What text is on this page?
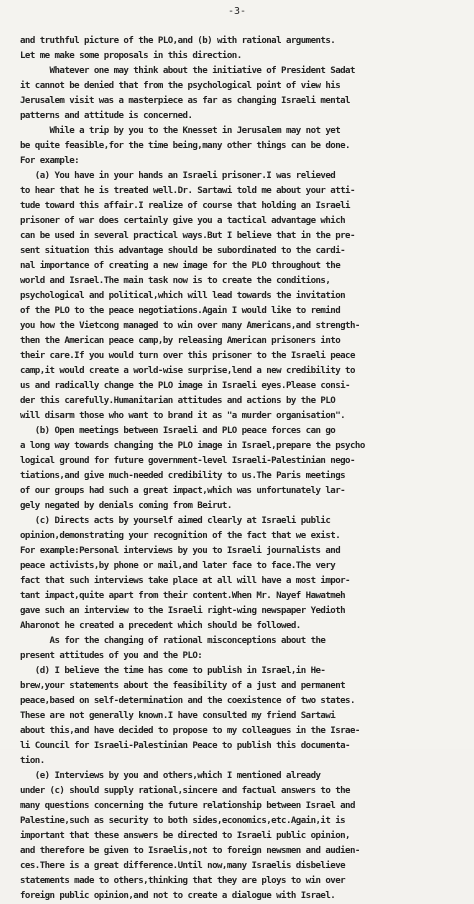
-3-
and truthful picture of the PLO,and (b) with rational arguments.
Let me make some proposals in this direction.
Whatever one may think about the initiative of President Sadat
it cannot be denied that from the psychological point of view his
Jerusalem visit was a masterpiece as far as changing Israeli mental
patterns and attitude is concerned.
While a trip by you to the Knesset in Jerusalem may not yet
be quite feasible,for the time being,many other things can be done.
For example:
(a) You have in your hands an Israeli prisoner.I was relieved
to hear that he is treated well.Dr. Sartawi told me about your atti-
tude toward this affair.I realize of course that holding an Israeli
prisoner of war does certainly give you a tactical advantage which
can be used in several practical ways.But I believe that in the pre-
sent situation this advantage should be subordinated to the cardi-
nal importance of creating a new image for the PLO throughout the
world and Israel.The main task now is to create the conditions,
psychological and political,which will lead towards the invitation
of the PLO to the peace negotiations.Again I would like to remind
you how the Vietcong managed to win over many Americans,and strength-
then the American peace camp,by releasing American prisoners into
their care.If you would turn over this prisoner to the Israeli peace
camp,it would create a world-wise surprise,lend a new credibility to
us and radically change the PLO image in Israeli eyes.Please consi-
der this carefully.Humanitarian attitudes and actions by the PLO
will disarm those who want to brand it as "a murder organisation".
(b) Open meetings between Israeli and PLO peace forces can go
a long way towards changing the PLO image in Israel,prepare the psycho
logical ground for future government-level Israeli-Palestinian nego-
tiations,and give much-needed credibility to us.The Paris meetings
of our groups had such a great impact,which was unfortunately lar-
gely negated by denials coming from Beirut.
(c) Directs acts by yourself aimed clearly at Israeli public
opinion,demonstrating your recognition of the fact that we exist.
For example:Personal interviews by you to Israeli journalists and
peace activists,by phone or mail,and later face to face.The very
fact that such interviews take place at all will have a most impor-
tant impact,quite apart from their content.When Mr. Nayef Hawatmeh
gave such an interview to the Israeli right-wing newspaper Yedioth
Aharonot he created a precedent which should be followed.
As for the changing of rational misconceptions about the
present attitudes of you and the PLO:
(d) I believe the time has come to publish in Israel,in He-
brew,your statements about the feasibility of a just and permanent
peace,based on self-determination and the coexistence of two states.
These are not generally known.I have consulted my friend Sartawi
about this,and have decided to propose to my colleagues in the Israe-
li Council for Israeli-Palestinian Peace to publish this documenta-
tion.
(e) Interviews by you and others,which I mentioned already
under (c) should supply rational,sincere and factual answers to the
many questions concerning the future relationship between Israel and
Palestine,such as security to both sides,economics,etc.Again,it is
important that these answers be directed to Israeli public opinion,
and therefore be given to Israelis,not to foreign newsmen and audien-
ces.There is a great difference.Until now,many Israelis disbelieve
statements made to others,thinking that they are ploys to win over
foreign public opinion,and not to create a dialogue with Israel.
